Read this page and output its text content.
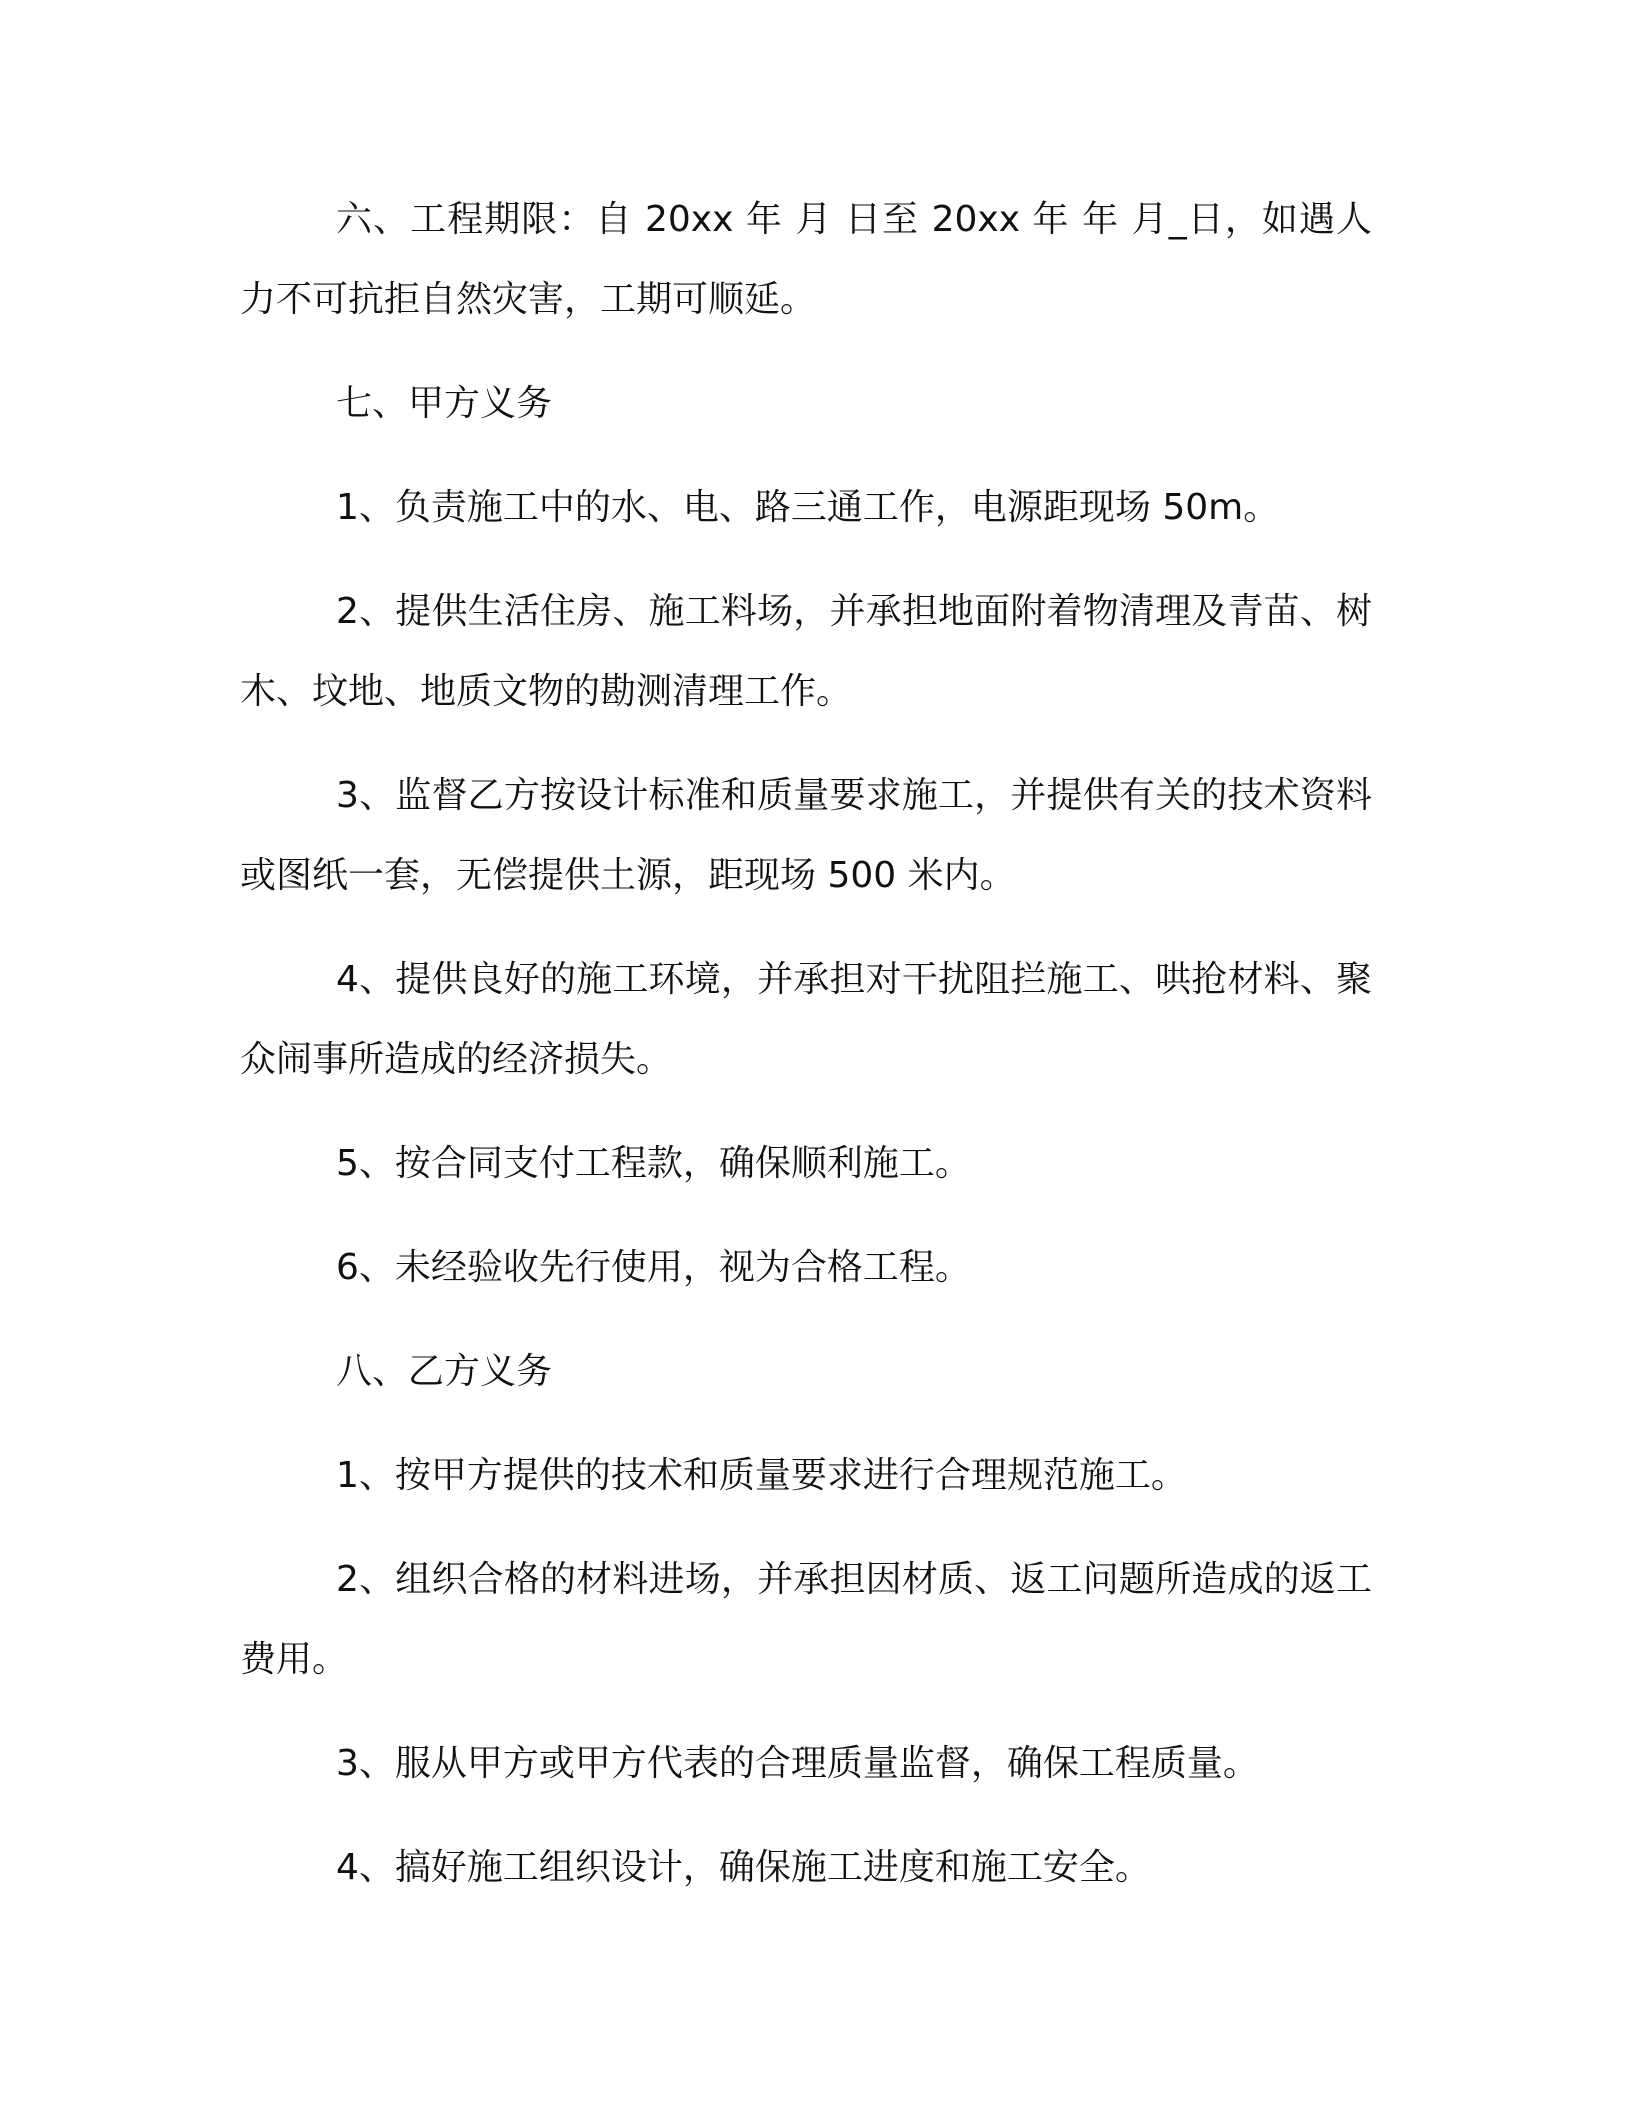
六、工程期限：自 20xx 年 月 日至 20xx 年 年 月_日，如遇人力不可抗拒自然灾害，工期可顺延。

七、甲方义务

1、负责施工中的水、电、路三通工作，电源距现场 50m。

2、提供生活住房、施工料场，并承担地面附着物清理及青苗、树木、坟地、地质文物的勘测清理工作。

3、监督乙方按设计标准和质量要求施工，并提供有关的技术资料或图纸一套，无偿提供土源，距现场 500 米内。

4、提供良好的施工环境，并承担对干扰阻拦施工、哄抢材料、聚众闹事所造成的经济损失。

5、按合同支付工程款，确保顺利施工。

6、未经验收先行使用，视为合格工程。

八、乙方义务

1、按甲方提供的技术和质量要求进行合理规范施工。

2、组织合格的材料进场，并承担因材质、返工问题所造成的返工费用。

3、服从甲方或甲方代表的合理质量监督，确保工程质量。

4、搞好施工组织设计，确保施工进度和施工安全。
